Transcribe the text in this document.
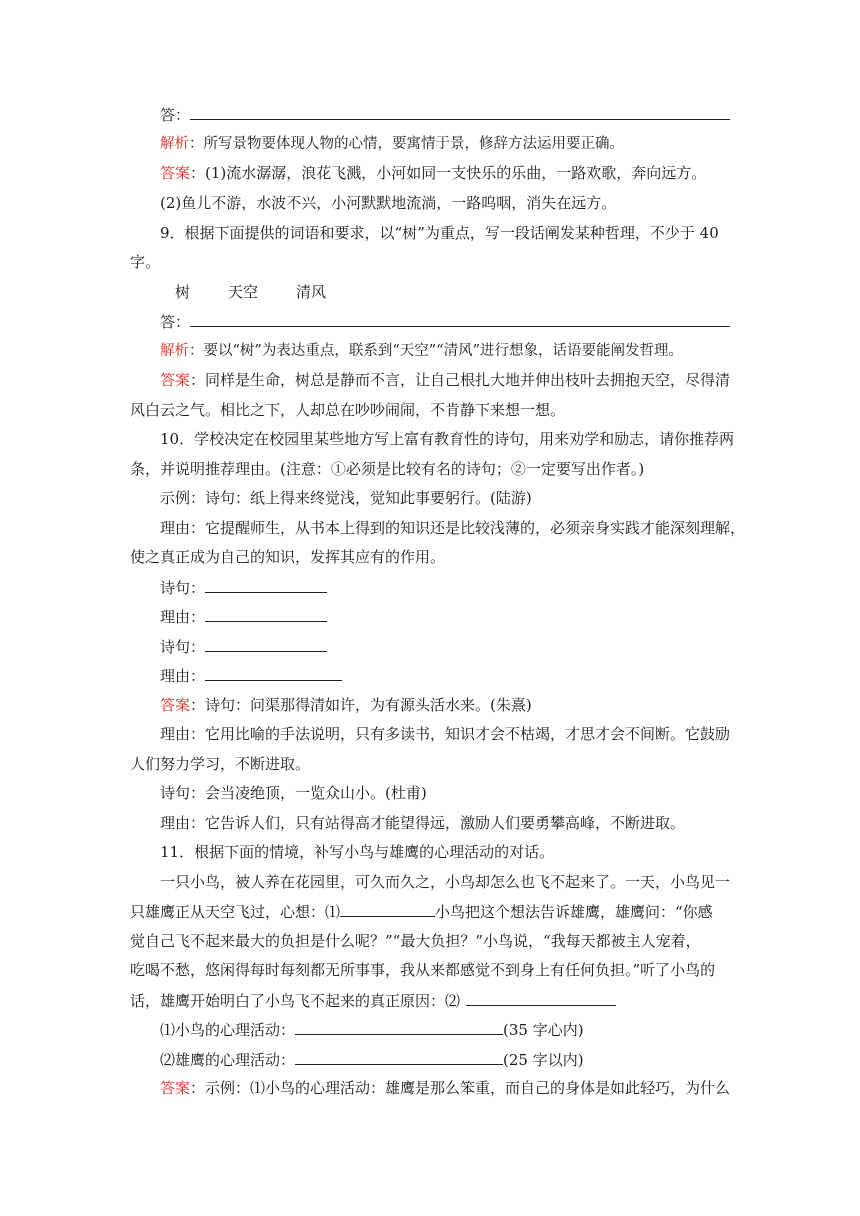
答：
解析：所写景物要体现人物的心情，要寓情于景，修辞方法运用要正确。
答案：(1)流水潺潺，浪花飞溅，小河如同一支快乐的乐曲，一路欢歌，奔向远方。
(2)鱼儿不游，水波不兴，小河默默地流淌，一路呜咽，消失在远方。
9．根据下面提供的词语和要求，以“树”为重点，写一段话阐发某种哲理，不少于 40
字。
树	天空	清风
答：
解析：要以“树”为表达重点，联系到“天空”“清风”进行想象，话语要能阐发哲理。
答案：同样是生命，树总是静而不言，让自己根扎大地并伸出枝叶去拥抱天空，尽得清
风白云之气。相比之下，人却总在吵吵闹闹，不肯静下来想一想。
10．学校决定在校园里某些地方写上富有教育性的诗句，用来劝学和励志，请你推荐两
条，并说明推荐理由。(注意：①必须是比较有名的诗句；②一定要写出作者。)
示例：诗句：纸上得来终觉浅，觉知此事要躬行。(陆游)
理由：它提醒师生，从书本上得到的知识还是比较浅薄的，必须亲身实践才能深刻理解，
使之真正成为自己的知识，发挥其应有的作用。
诗句：
理由：
诗句：
理由：
答案：诗句：问渠那得清如许，为有源头活水来。(朱熹)
理由：它用比喻的手法说明，只有多读书，知识才会不枯竭，才思才会不间断。它鼓励
人们努力学习，不断进取。
诗句：会当凌绝顶，一览众山小。(杜甫)
理由：它告诉人们，只有站得高才能望得远，激励人们要勇攀高峰，不断进取。
11．根据下面的情境，补写小鸟与雄鹰的心理活动的对话。
一只小鸟，被人养在花园里，可久而久之，小鸟却怎么也飞不起来了。一天，小鸟见一
只雄鹰正从天空飞过，心想：⑴	小鸟把这个想法告诉雄鹰，雄鹰问：“你感
觉自己飞不起来最大的负担是什么呢？”“最大负担？”小鸟说，“我每天都被主人宠着，
吃喝不愁，悠闲得每时每刻都无所事事，我从来都感觉不到身上有任何负担。”听了小鸟的
话，雄鹰开始明白了小鸟飞不起来的真正原因：⑵
⑴小鸟的心理活动：	(35 字心内)
⑵雄鹰的心理活动：	(25 字以内)
答案：示例：⑴小鸟的心理活动：雄鹰是那么笨重，而自己的身体是如此轻巧，为什么
